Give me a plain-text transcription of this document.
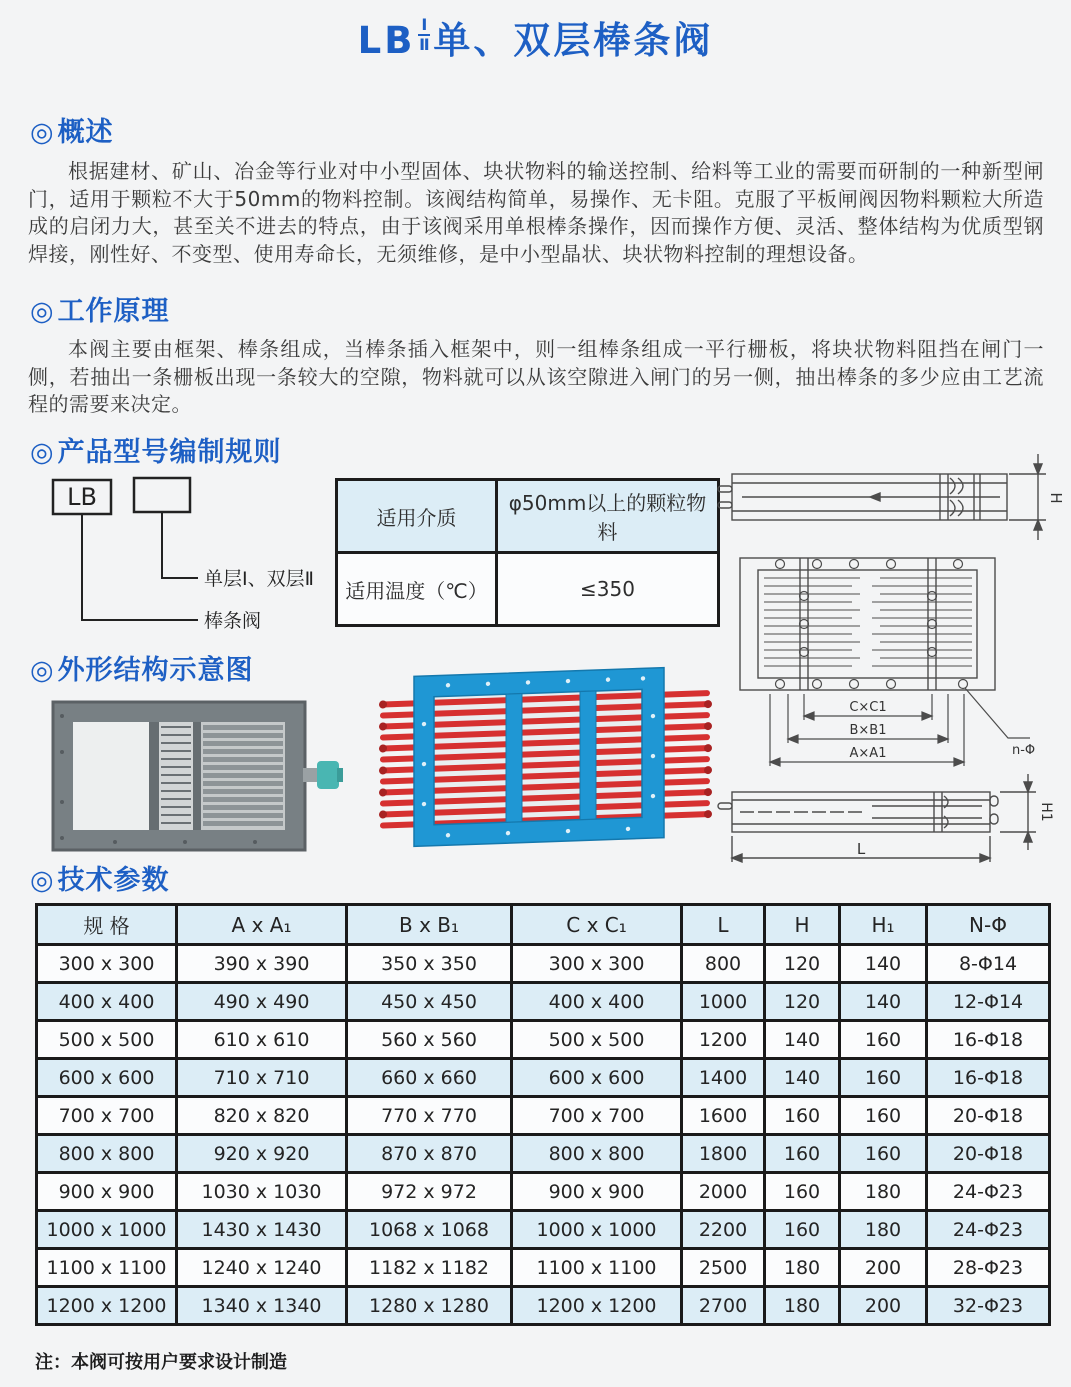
LB $\frac{\text{Ⅰ}}{\text{Ⅱ}}$ 单、双层棒条阀
◎ 概述
根据建材、矿山、冶金等行业对中小型固体、块状物料的输送控制、给料等工业的需要而研制的一种新型闸门，适用于颗粒不大于50mm的物料控制。该阀结构简单，易操作、无卡阻。克服了平板闸阀因物料颗粒大所造成的启闭力大，甚至关不进去的特点，由于该阀采用单根棒条操作，因而操作方便、灵活、整体结构为优质型钢焊接，刚性好、不变型、使用寿命长，无须维修，是中小型晶状、块状物料控制的理想设备。
◎ 工作原理
本阀主要由框架、棒条组成，当棒条插入框架中，则一组棒条组成一平行栅板，将块状物料阻挡在闸门一侧，若抽出一条栅板出现一条较大的空隙，物料就可以从该空隙进入闸门的另一侧，抽出棒条的多少应由工艺流程的需要来决定。
◎ 产品型号编制规则
LB
单层Ⅰ、双层Ⅱ
棒条阀
适用介质	φ50mm以上的颗粒物料
适用温度（℃）	≤350
C×C1
B×B1
A×A1	n-Φ
H
H1
L
◎ 外形结构示意图
◎ 技术参数
规 格	A x A₁	B x B₁	C x C₁	L	H	H₁	N-Φ
300 x 300	390 x 390	350 x 350	300 x 300	800	120	140	8-Φ14
400 x 400	490 x 490	450 x 450	400 x 400	1000	120	140	12-Φ14
500 x 500	610 x 610	560 x 560	500 x 500	1200	140	160	16-Φ18
600 x 600	710 x 710	660 x 660	600 x 600	1400	140	160	16-Φ18
700 x 700	820 x 820	770 x 770	700 x 700	1600	160	160	20-Φ18
800 x 800	920 x 920	870 x 870	800 x 800	1800	160	160	20-Φ18
900 x 900	1030 x 1030	972 x 972	900 x 900	2000	160	180	24-Φ23
1000 x 1000	1430 x 1430	1068 x 1068	1000 x 1000	2200	160	180	24-Φ23
1100 x 1100	1240 x 1240	1182 x 1182	1100 x 1100	2500	180	200	28-Φ23
1200 x 1200	1340 x 1340	1280 x 1280	1200 x 1200	2700	180	200	32-Φ23
注：本阀可按用户要求设计制造
